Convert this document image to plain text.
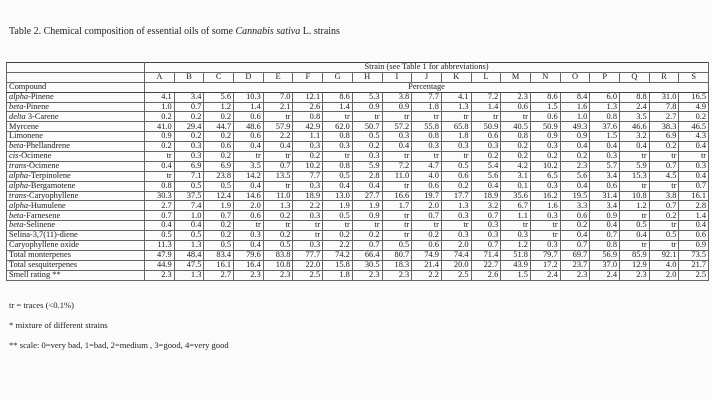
Table 2. Chemical composition of essential oils of some Cannabis sativa L. strains
	Strain (see Table 1 for abbreviations)																		
	A	B	C	D	E	F	G	H	I	J	K	L	M	N	O	P	Q	R	S
Compound	Percentage																		
alpha-Pinene	4.1	3.4	5.6	10.3	7.0	12.1	8.6	5.3	3.8	7.7	4.1	7.2	2.3	8.6	8.4	6.0	8.8	31.0	16.5
beta-Pinene	1.0	0.7	1.2	1.4	2.1	2.6	1.4	0.9	0.9	1.8	1.3	1.4	0.6	1.5	1.6	1.3	2.4	7.8	4.9
delta 3-Carene	0.2	0.2	0.2	0.6	tr	0.8	tr	tr	tr	tr	tr	tr	tr	0.6	1.0	0.8	3.5	2.7	0.2
Myrcene	41.0	29.4	44.7	48.6	57.9	42.9	62.0	50.7	57.2	55.8	65.8	50.9	40.5	50.9	49.3	37.6	46.6	38.3	46.5
Limonene	0.9	0.2	0.2	0.6	2.2	1.1	0.8	0.5	0.3	0.8	1.8	0.6	0.8	0.9	0.9	1.5	3.2	6.9	4.3
beta-Phellandrene	0.2	0.3	0.6	0.4	0.4	0.3	0.3	0.2	0.4	0.3	0.3	0.3	0.2	0.3	0.4	0.4	0.4	0.2	0.4
cis-Ocimene	tr	0.3	0.2	tr	tr	0.2	tr	0.3	tr	tr	tr	0.2	0.2	0.2	0.2	0.3	tr	tr	tr
trans-Ocimene	0.4	6.9	6.9	3.5	0.7	10.2	0.8	5.9	7.2	4.7	0.5	5.4	4.2	10.2	2.3	5.7	5.9	0.7	0.3
alpha-Terpinolene	tr	7.1	23.8	14.2	13.5	7.7	0.5	2.8	11.0	4.0	0.6	5.6	3.1	6.5	5.6	3.4	15.3	4.5	0.4
alpha-Bergamotene	0.8	0.5	0.5	0.4	tr	0.3	0.4	0.4	tr	0.6	0.2	0.4	0.1	0.3	0.4	0.6	tr	tr	0.7
trans-Caryophyllene	30.3	37.5	12.4	14.6	11.0	18.9	13.0	27.7	16.6	19.7	17.7	18.9	35.6	16.2	19.5	31.4	10.8	3.8	16.1
alpha-Humulene	2.7	7.4	1.9	2.0	1.3	2.2	1.9	1.9	1.7	2.0	1.3	3.2	6.7	1.6	3.3	3.4	1.2	0.7	2.8
beta-Farnesene	0.7	1.0	0.7	0.6	0.2	0.3	0.5	0.9	tr	0.7	0.3	0.7	1.1	0.3	0.6	0.9	tr	0.2	1.4
beta-Selinene	0.4	0.4	0.2	tr	tr	tr	tr	tr	tr	tr	tr	0.3	tr	tr	0.2	0.4	0.5	tr	0.4
Selina-3,7(11)-diene	0.5	0.5	0.2	0.3	0.2	tr	0.2	0.2	tr	0.2	0.3	0.3	0.3	tr	0.4	0.7	0.4	0.5	0.6
Caryophyllene oxide	11.3	1.3	0.5	0.4	0.5	0.3	2.2	0.7	0.5	0.6	2.0	0.7	1.2	0.3	0.7	0.8	tr	tr	0.9
Total monterpenes	47.9	48.4	83.4	79.6	83.8	77.7	74.2	66.4	80.7	74.9	74.4	71.4	51.8	79.7	69.7	56.9	85.9	92.1	73.5
Total sesquiterpenes	44.9	47.5	16.1	16.4	10.8	22.0	15.8	30.5	18.3	21.4	20.0	22.7	43.9	17.2	23.7	37.0	12.9	4.0	21.7
Smell rating **	2.3	1.3	2.7	2.3	2.3	2.5	1.8	2.3	2.3	2.2	2.5	2.6	1.5	2.4	2.3	2.4	2.3	2.0	2.5
tr = traces (<0.1%)
* mixture of different strains
** scale: 0=very bad, 1=bad, 2=medium , 3=good, 4=very good
